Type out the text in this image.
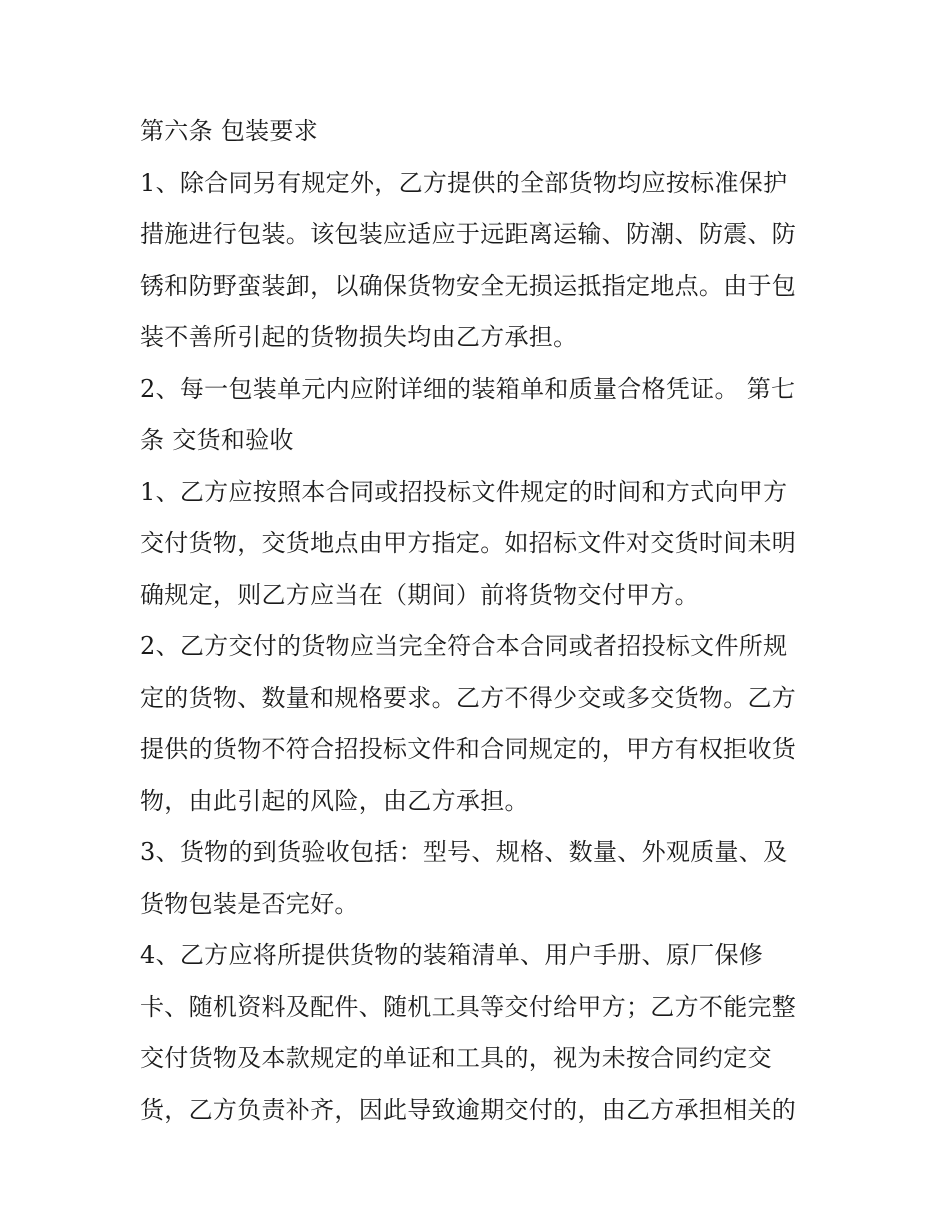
第六条 包装要求
1、除合同另有规定外，乙方提供的全部货物均应按标准保护
措施进行包装。该包装应适应于远距离运输、防潮、防震、防
锈和防野蛮装卸，以确保货物安全无损运抵指定地点。由于包
装不善所引起的货物损失均由乙方承担。
2、每一包装单元内应附详细的装箱单和质量合格凭证。 第七
条 交货和验收
1、乙方应按照本合同或招投标文件规定的时间和方式向甲方
交付货物，交货地点由甲方指定。如招标文件对交货时间未明
确规定，则乙方应当在（期间）前将货物交付甲方。
2、乙方交付的货物应当完全符合本合同或者招投标文件所规
定的货物、数量和规格要求。乙方不得少交或多交货物。乙方
提供的货物不符合招投标文件和合同规定的，甲方有权拒收货
物，由此引起的风险，由乙方承担。
3、货物的到货验收包括：型号、规格、数量、外观质量、及
货物包装是否完好。
4、乙方应将所提供货物的装箱清单、用户手册、原厂保修
卡、随机资料及配件、随机工具等交付给甲方；乙方不能完整
交付货物及本款规定的单证和工具的，视为未按合同约定交
货，乙方负责补齐，因此导致逾期交付的，由乙方承担相关的
